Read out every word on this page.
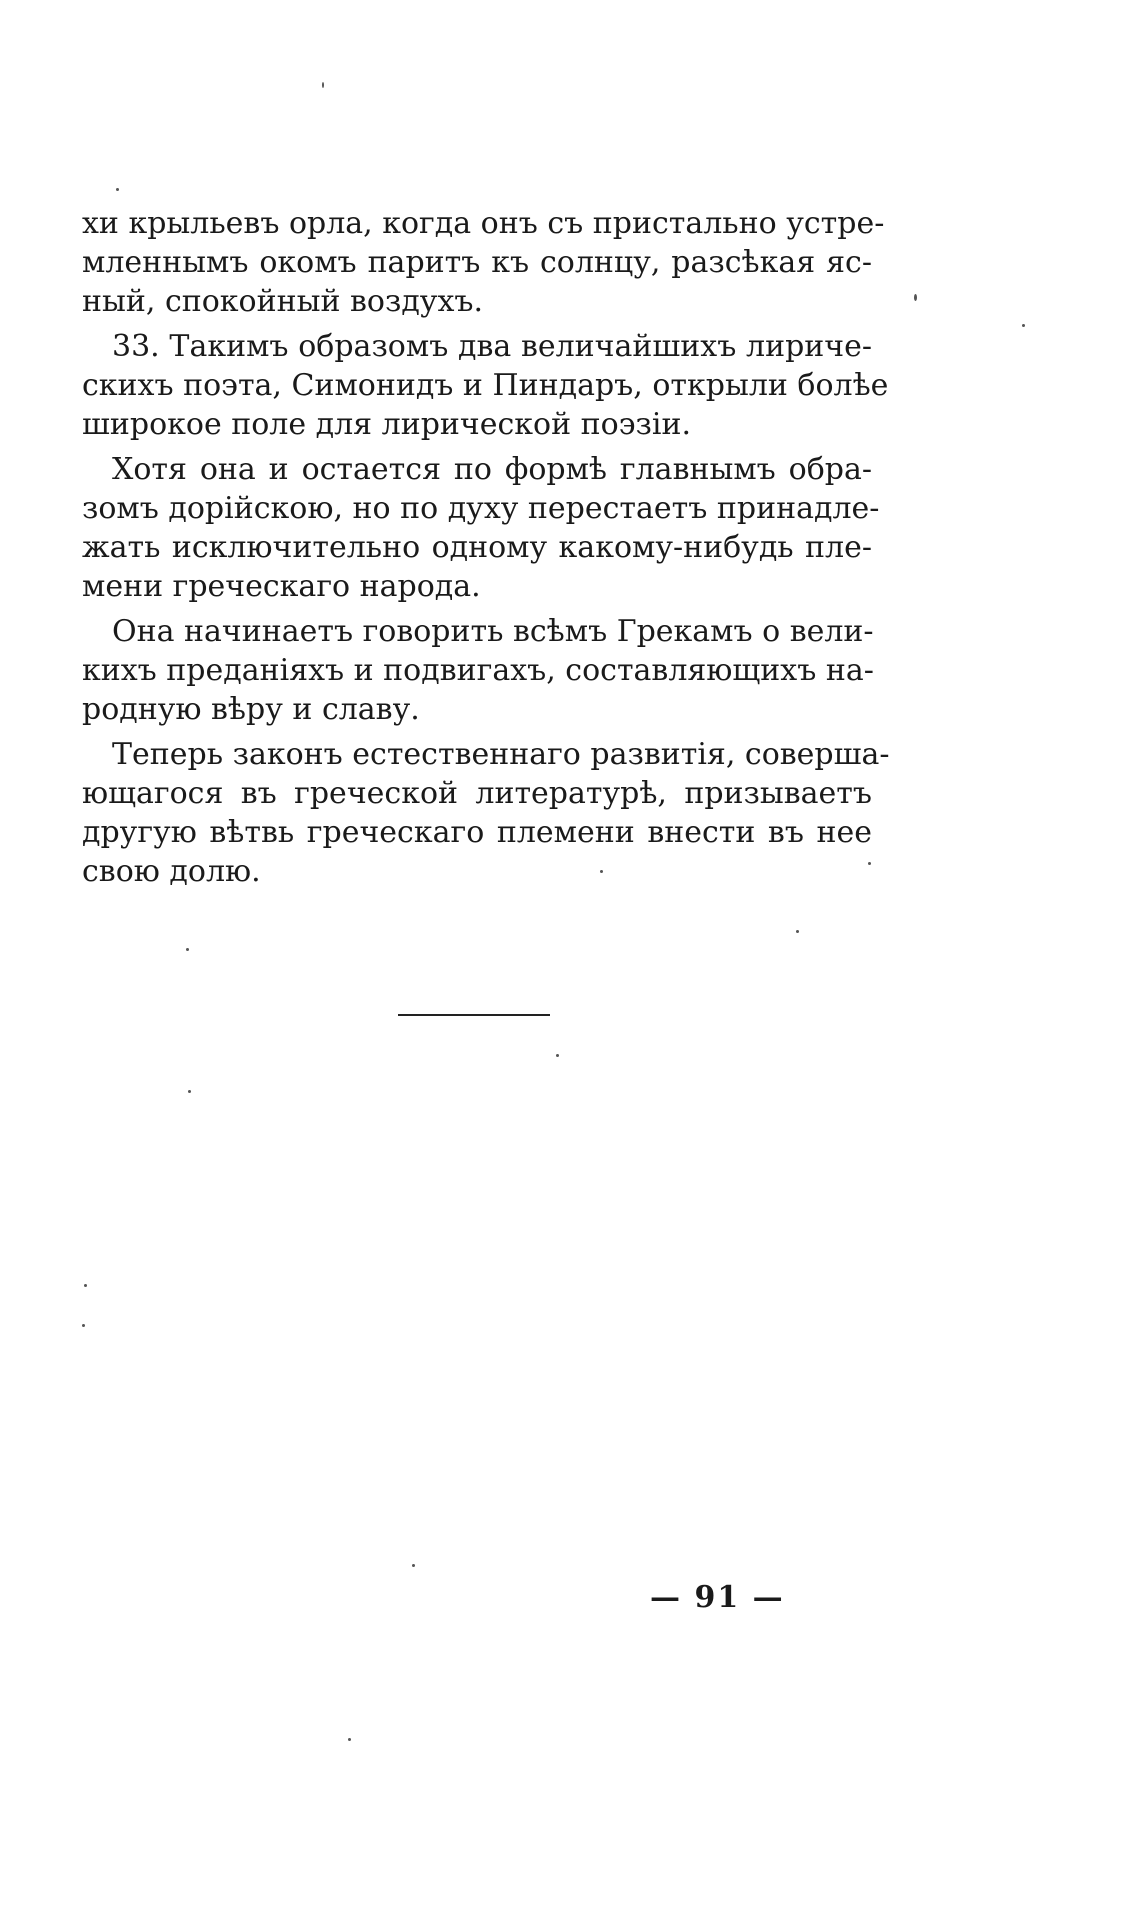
хи крыльевъ орла, когда онъ съ пристально устре-
мленнымъ окомъ паритъ къ солнцу, разсѣкая яс-
ный, спокойный воздухъ.
33. Такимъ образомъ два величайшихъ лириче-
скихъ поэта, Симонидъ и Пиндаръ, открыли болѣе
широкое поле для лирической поэзіи.
Хотя она и остается по формѣ главнымъ обра-
зомъ дорійскою, но по духу перестаетъ принадле-
жать исключительно одному какому-нибудь пле-
мени греческаго народа.
Она начинаетъ говорить всѣмъ Грекамъ о вели-
кихъ преданіяхъ и подвигахъ, составляющихъ на-
родную вѣру и славу.
Теперь законъ естественнаго развитія, соверша-
ющагося въ греческой литературѣ, призываетъ
другую вѣтвь греческаго племени внести въ нее
свою долю.
— 91 —
